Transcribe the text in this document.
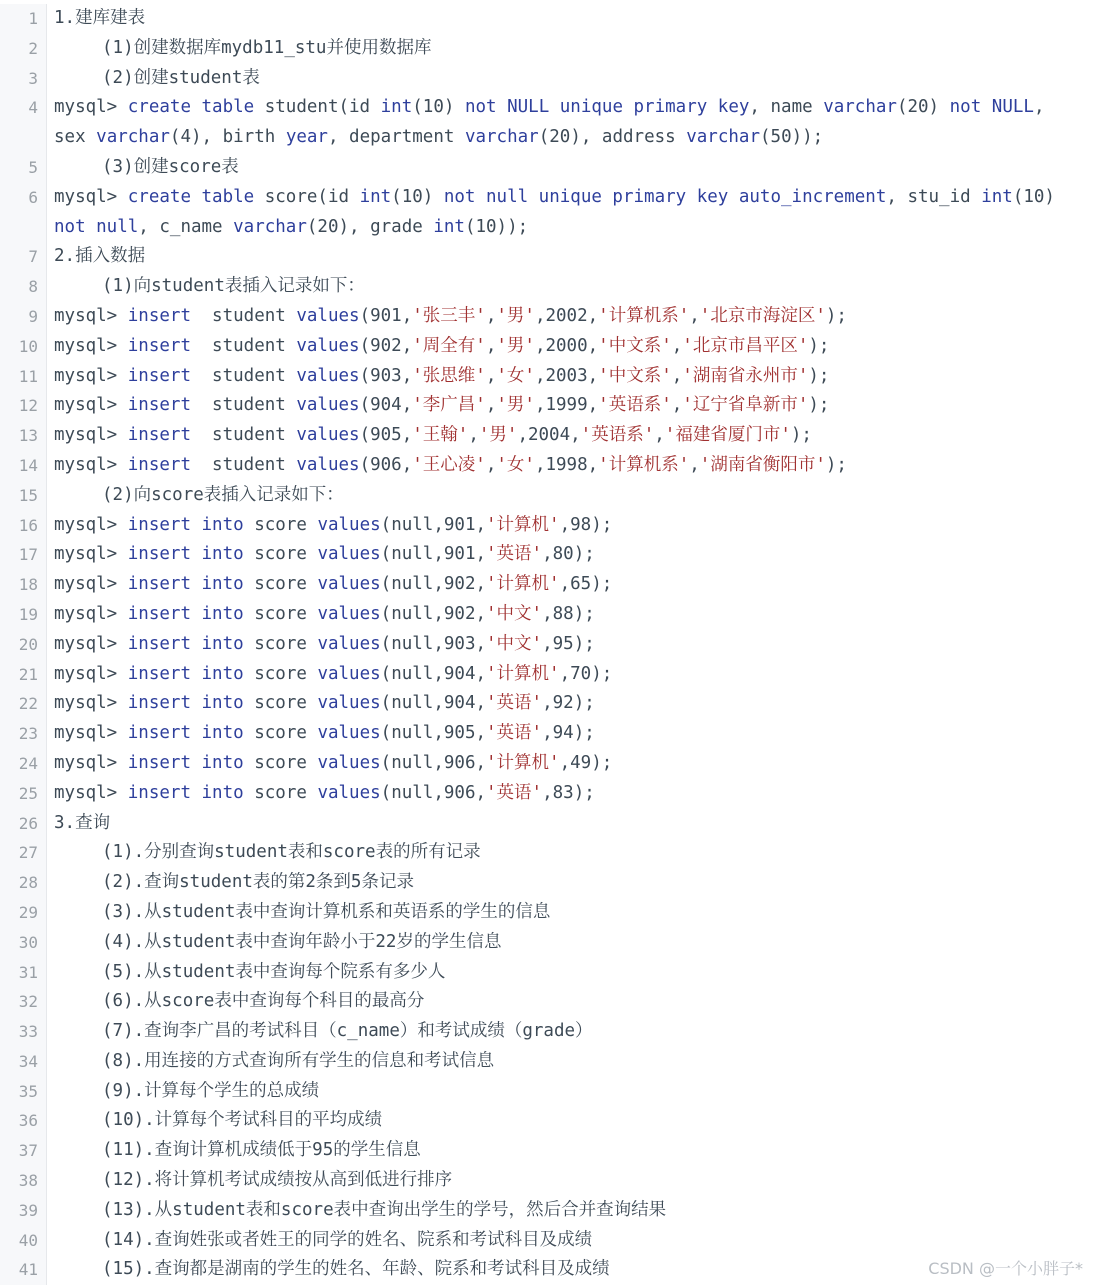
1 1.建库建表
2	(1)创建数据库mydb11_stu并使用数据库
3	(2)创建student表
4 mysql> create table student(id int(10) not NULL unique primary key, name varchar(20) not NULL, sex varchar(4), birth year, department varchar(20), address varchar(50));
5	(3)创建score表
6 mysql> create table score(id int(10) not null unique primary key auto_increment, stu_id int(10) not null, c_name varchar(20), grade int(10));
7 2.插入数据
8	(1)向student表插入记录如下：
9 mysql> insert  student values(901,'张三丰','男',2002,'计算机系','北京市海淀区');
10 mysql> insert  student values(902,'周全有','男',2000,'中文系','北京市昌平区');
11 mysql> insert  student values(903,'张思维','女',2003,'中文系','湖南省永州市');
12 mysql> insert  student values(904,'李广昌','男',1999,'英语系','辽宁省阜新市');
13 mysql> insert  student values(905,'王翰','男',2004,'英语系','福建省厦门市');
14 mysql> insert  student values(906,'王心凌','女',1998,'计算机系','湖南省衡阳市');
15	(2)向score表插入记录如下：
16 mysql> insert into score values(null,901,'计算机',98);
17 mysql> insert into score values(null,901,'英语',80);
18 mysql> insert into score values(null,902,'计算机',65);
19 mysql> insert into score values(null,902,'中文',88);
20 mysql> insert into score values(null,903,'中文',95);
21 mysql> insert into score values(null,904,'计算机',70);
22 mysql> insert into score values(null,904,'英语',92);
23 mysql> insert into score values(null,905,'英语',94);
24 mysql> insert into score values(null,906,'计算机',49);
25 mysql> insert into score values(null,906,'英语',83);
26 3.查询
27	(1).分别查询student表和score表的所有记录
28	(2).查询student表的第2条到5条记录
29	(3).从student表中查询计算机系和英语系的学生的信息
30	(4).从student表中查询年龄小于22岁的学生信息
31	(5).从student表中查询每个院系有多少人
32	(6).从score表中查询每个科目的最高分
33	(7).查询李广昌的考试科目（c_name）和考试成绩（grade）
34	(8).用连接的方式查询所有学生的信息和考试信息
35	(9).计算每个学生的总成绩
36	(10).计算每个考试科目的平均成绩
37	(11).查询计算机成绩低于95的学生信息
38	(12).将计算机考试成绩按从高到低进行排序
39	(13).从student表和score表中查询出学生的学号，然后合并查询结果
40	(14).查询姓张或者姓王的同学的姓名、院系和考试科目及成绩
41	(15).查询都是湖南的学生的姓名、年龄、院系和考试科目及成绩	CSDN @一个小胖子*
